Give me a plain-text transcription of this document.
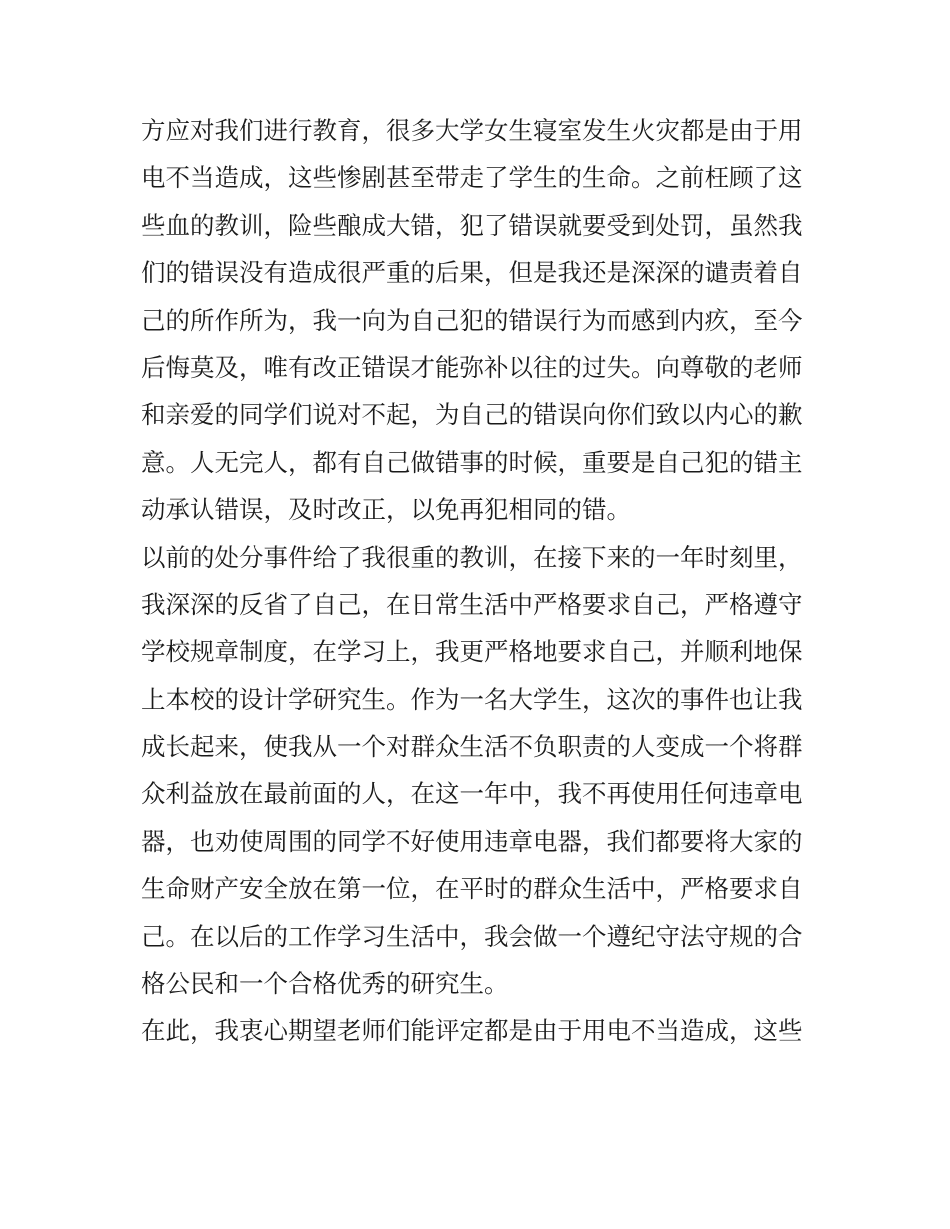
方应对我们进行教育，很多大学女生寝室发生火灾都是由于用
电不当造成，这些惨剧甚至带走了学生的生命。之前枉顾了这
些血的教训，险些酿成大错，犯了错误就要受到处罚，虽然我
们的错误没有造成很严重的后果，但是我还是深深的谴责着自
己的所作所为，我一向为自己犯的错误行为而感到内疚，至今
后悔莫及，唯有改正错误才能弥补以往的过失。向尊敬的老师
和亲爱的同学们说对不起，为自己的错误向你们致以内心的歉
意。人无完人，都有自己做错事的时候，重要是自己犯的错主
动承认错误，及时改正，以免再犯相同的错。
以前的处分事件给了我很重的教训，在接下来的一年时刻里，
我深深的反省了自己，在日常生活中严格要求自己，严格遵守
学校规章制度，在学习上，我更严格地要求自己，并顺利地保
上本校的设计学研究生。作为一名大学生，这次的事件也让我
成长起来，使我从一个对群众生活不负职责的人变成一个将群
众利益放在最前面的人，在这一年中，我不再使用任何违章电
器，也劝使周围的同学不好使用违章电器，我们都要将大家的
生命财产安全放在第一位，在平时的群众生活中，严格要求自
己。在以后的工作学习生活中，我会做一个遵纪守法守规的合
格公民和一个合格优秀的研究生。
在此，我衷心期望老师们能评定都是由于用电不当造成，这些
